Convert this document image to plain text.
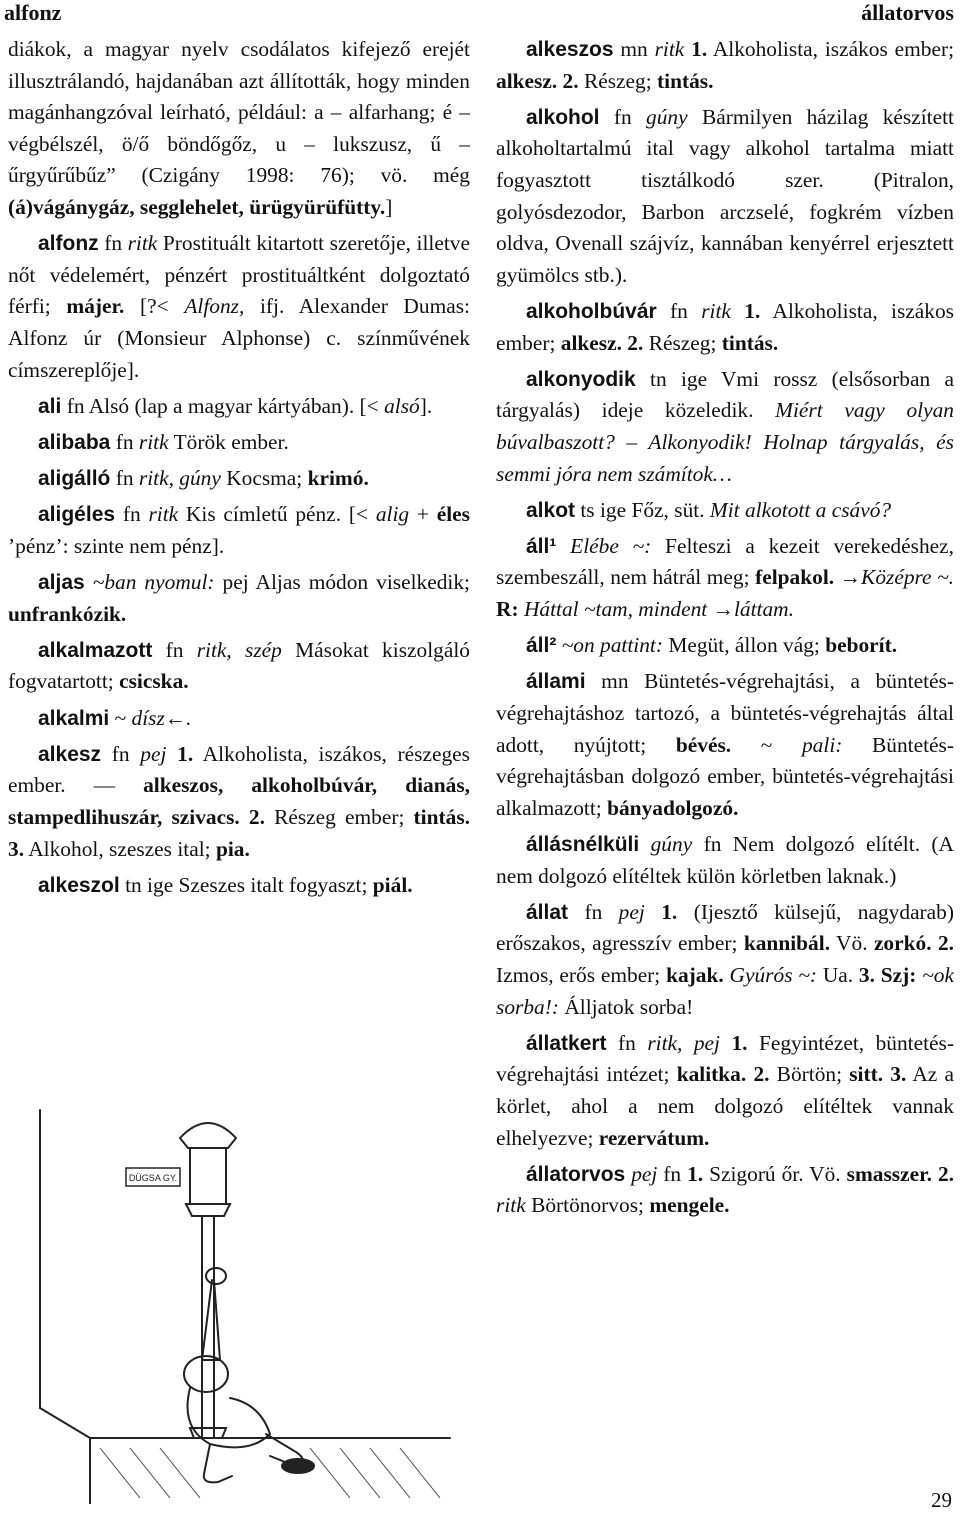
alfonz	állatorvos

diákok, a magyar nyelv csodálatos kifejező erejét illusztrálandó, hajdanában azt állították, hogy minden magánhangzóval leírható, például: a – alfarhang; é – végbélszél, ö/ő böndőgőz, u – lukszusz, ű – űrgyűrűbűz” (Czigány 1998: 76); vö. még (á)vágánygáz, segglehelet, ürügyürüfütty.]

alfonz fn ritk Prostituált kitartott szeretője, illetve nőt védelemért, pénzért prostituáltként dolgoztató férfi; májer. [?< Alfonz, ifj. Alexander Dumas: Alfonz úr (Monsieur Alphonse) c. színművének címszereplője].

ali fn Alsó (lap a magyar kártyában). [< alsó].

alibaba fn ritk Török ember.

aligálló fn ritk, gúny Kocsma; krimó.

aligéles fn ritk Kis címletű pénz. [< alig + éles ’pénz’: szinte nem pénz].

aljas ~ban nyomul: pej Aljas módon viselkedik; unfrankózik.

alkalmazott fn ritk, szép Másokat kiszolgáló fogvatartott; csicska.

alkalmi ~ dísz←.

alkesz fn pej 1. Alkoholista, iszákos, részeges ember. — alkeszos, alkoholbúvár, dianás, stampedlihuszár, szivacs. 2. Részeg ember; tintás. 3. Alkohol, szeszes ital; pia.

alkeszol tn ige Szeszes italt fogyaszt; piál.

alkeszos mn ritk 1. Alkoholista, iszákos ember; alkesz. 2. Részeg; tintás.

alkohol fn gúny Bármilyen házilag készített alkoholtartalmú ital vagy alkohol tartalma miatt fogyasztott tisztálkodó szer. (Pitralon, golyósdezodor, Barbon arczselé, fogkrém vízben oldva, Ovenall szájvíz, kannában kenyérrel erjesztett gyümölcs stb.).

alkoholbúvár fn ritk 1. Alkoholista, iszákos ember; alkesz. 2. Részeg; tintás.

alkonyodik tn ige Vmi rossz (elsősorban a tárgyalás) ideje közeledik. Miért vagy olyan búvalbaszott? – Alkonyodik! Holnap tárgyalás, és semmi jóra nem számítok…

alkot ts ige Főz, süt. Mit alkotott a csávó?

áll¹ Elébe ~: Felteszi a kezeit verekedéshez, szembeszáll, nem hátrál meg; felpakol. →Középre ~. R: Háttal ~tam, mindent →láttam.

áll² ~on pattint: Megüt, állon vág; beborít.

állami mn Büntetés-végrehajtási, a büntetés-végrehajtáshoz tartozó, a büntetés-végrehajtás által adott, nyújtott; bévés. ~ pali: Büntetés-végrehajtásban dolgozó ember, büntetés-végrehajtási alkalmazott; bányadolgozó.

állásnélküli gúny fn Nem dolgozó elítélt. (A nem dolgozó elítéltek külön körletben laknak.)

állat fn pej 1. (Ijesztő külsejű, nagydarab) erőszakos, agresszív ember; kannibál. Vö. zorkó. 2. Izmos, erős ember; kajak. Gyúrós ~: Ua. 3. Szj: ~ok sorba!: Álljatok sorba!

állatkert fn ritk, pej 1. Fegyintézet, büntetés-végrehajtási intézet; kalitka. 2. Börtön; sitt. 3. Az a körlet, ahol a nem dolgozó elítéltek vannak elhelyezve; rezervátum.

állatorvos pej fn 1. Szigorú őr. Vö. smasszer. 2. ritk Börtönorvos; mengele.

DÜGSA GY.
29
